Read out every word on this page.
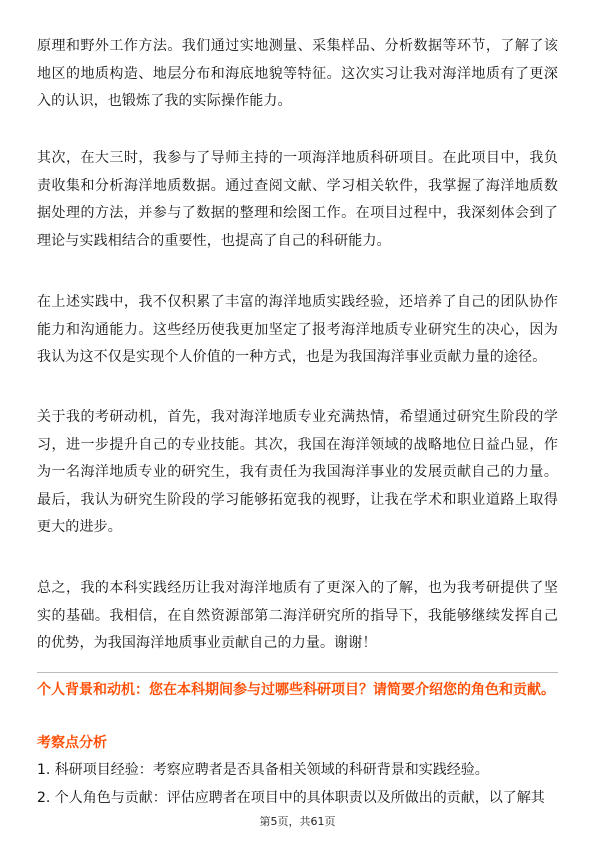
原理和野外工作方法。我们通过实地测量、采集样品、分析数据等环节，了解了该地区的地质构造、地层分布和海底地貌等特征。这次实习让我对海洋地质有了更深入的认识，也锻炼了我的实际操作能力。

其次，在大三时，我参与了导师主持的一项海洋地质科研项目。在此项目中，我负责收集和分析海洋地质数据。通过查阅文献、学习相关软件，我掌握了海洋地质数据处理的方法，并参与了数据的整理和绘图工作。在项目过程中，我深刻体会到了理论与实践相结合的重要性，也提高了自己的科研能力。

在上述实践中，我不仅积累了丰富的海洋地质实践经验，还培养了自己的团队协作能力和沟通能力。这些经历使我更加坚定了报考海洋地质专业研究生的决心，因为我认为这不仅是实现个人价值的一种方式，也是为我国海洋事业贡献力量的途径。

关于我的考研动机，首先，我对海洋地质专业充满热情，希望通过研究生阶段的学习，进一步提升自己的专业技能。其次，我国在海洋领域的战略地位日益凸显，作为一名海洋地质专业的研究生，我有责任为我国海洋事业的发展贡献自己的力量。最后，我认为研究生阶段的学习能够拓宽我的视野，让我在学术和职业道路上取得更大的进步。

总之，我的本科实践经历让我对海洋地质有了更深入的了解，也为我考研提供了坚实的基础。我相信，在自然资源部第二海洋研究所的指导下，我能够继续发挥自己的优势，为我国海洋地质事业贡献自己的力量。谢谢！

个人背景和动机：您在本科期间参与过哪些科研项目？请简要介绍您的角色和贡献。

考察点分析

1. 科研项目经验：考察应聘者是否具备相关领域的科研背景和实践经验。
2. 个人角色与贡献：评估应聘者在项目中的具体职责以及所做出的贡献，以了解其
第5页，共61页
